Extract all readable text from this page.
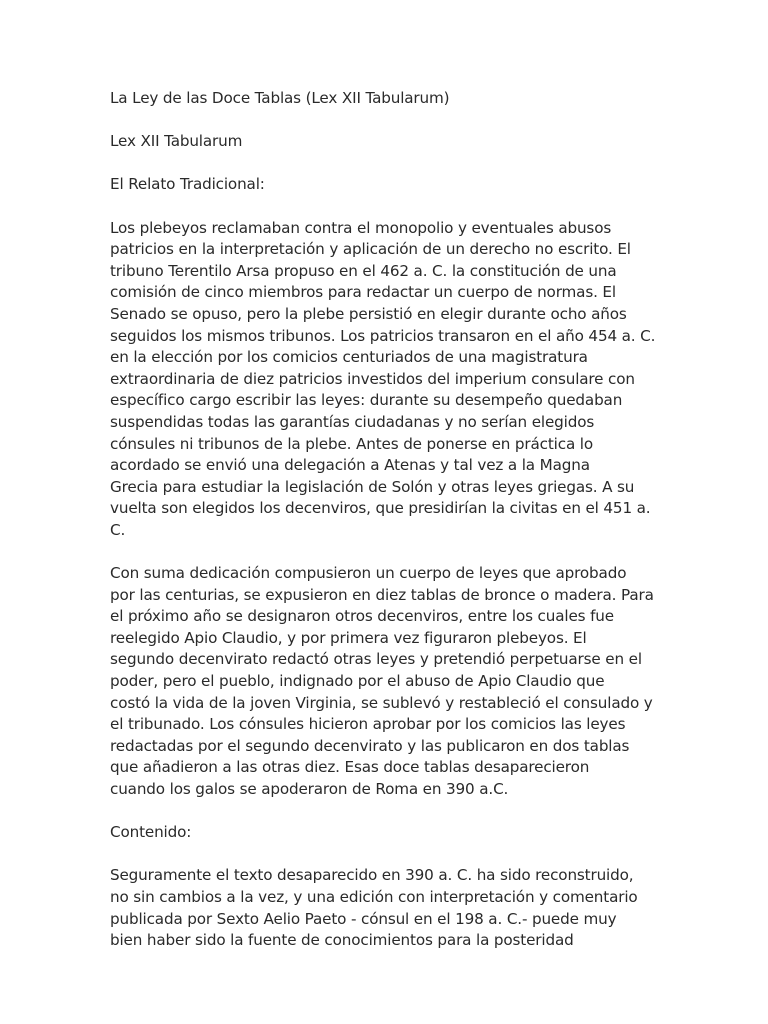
La Ley de las Doce Tablas (Lex XII Tabularum)

Lex XII Tabularum

El Relato Tradicional:

Los plebeyos reclamaban contra el monopolio y eventuales abusos
patricios en la interpretación y aplicación de un derecho no escrito. El
tribuno Terentilo Arsa propuso en el 462 a. C. la constitución de una
comisión de cinco miembros para redactar un cuerpo de normas. El
Senado se opuso, pero la plebe persistió en elegir durante ocho años
seguidos los mismos tribunos. Los patricios transaron en el año 454 a. C.
en la elección por los comicios centuriados de una magistratura
extraordinaria de diez patricios investidos del imperium consulare con
específico cargo escribir las leyes: durante su desempeño quedaban
suspendidas todas las garantías ciudadanas y no serían elegidos
cónsules ni tribunos de la plebe. Antes de ponerse en práctica lo
acordado se envió una delegación a Atenas y tal vez a la Magna
Grecia para estudiar la legislación de Solón y otras leyes griegas. A su
vuelta son elegidos los decenviros, que presidirían la civitas en el 451 a.
C.

Con suma dedicación compusieron un cuerpo de leyes que aprobado
por las centurias, se expusieron en diez tablas de bronce o madera. Para
el próximo año se designaron otros decenviros, entre los cuales fue
reelegido Apio Claudio, y por primera vez figuraron plebeyos. El
segundo decenvirato redactó otras leyes y pretendió perpetuarse en el
poder, pero el pueblo, indignado por el abuso de Apio Claudio que
costó la vida de la joven Virginia, se sublevó y restableció el consulado y
el tribunado. Los cónsules hicieron aprobar por los comicios las leyes
redactadas por el segundo decenvirato y las publicaron en dos tablas
que añadieron a las otras diez. Esas doce tablas desaparecieron
cuando los galos se apoderaron de Roma en 390 a.C.

Contenido:

Seguramente el texto desaparecido en 390 a. C. ha sido reconstruido,
no sin cambios a la vez, y una edición con interpretación y comentario
publicada por Sexto Aelio Paeto - cónsul en el 198 a. C.- puede muy
bien haber sido la fuente de conocimientos para la posteridad
